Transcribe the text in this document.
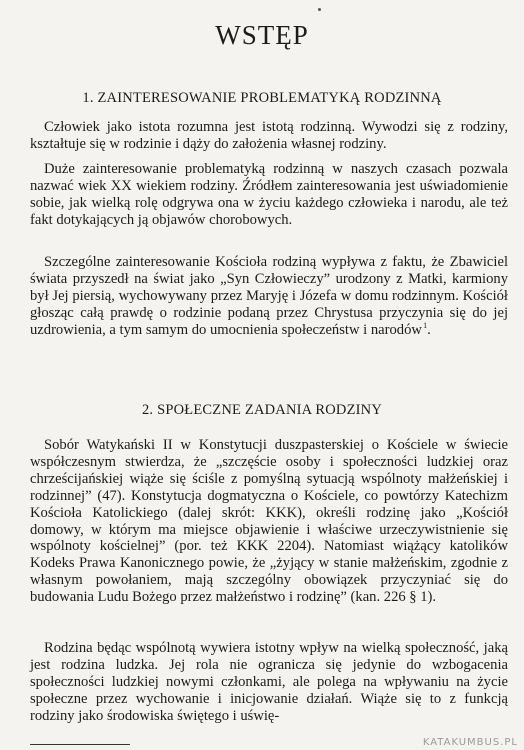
WSTĘP
1. ZAINTERESOWANIE PROBLEMATYKĄ RODZINNĄ

Człowiek jako istota rozumna jest istotą rodzinną. Wywodzi się z rodziny, kształtuje się w rodzinie i dąży do założenia własnej rodziny.

Duże zainteresowanie problematyką rodzinną w naszych czasach pozwala nazwać wiek XX wiekiem rodziny. Źródłem zainteresowania jest uświadomienie sobie, jak wielką rolę odgrywa ona w życiu każdego człowieka i narodu, ale też fakt dotykających ją objawów chorobowych.

Szczególne zainteresowanie Kościoła rodziną wypływa z faktu, że Zbawiciel świata przyszedł na świat jako „Syn Człowieczy” urodzony z Matki, karmiony był Jej piersią, wychowywany przez Maryję i Józefa w domu rodzinnym. Kościół głosząc całą prawdę o rodzinie podaną przez Chrystusa przyczynia się do jej uzdrowienia, a tym samym do umocnienia społeczeństw i narodów $^1$.

2. SPOŁECZNE ZADANIA RODZINY

Sobór Watykański II w Konstytucji duszpasterskiej o Kościele w świecie współczesnym stwierdza, że „szczęście osoby i społeczności ludzkiej oraz chrześcijańskiej wiąże się ściśle z pomyślną sytuacją wspólnoty małżeńskiej i rodzinnej” (47). Konstytucja dogmatyczna o Kościele, co powtórzy Katechizm Kościoła Katolickiego (dalej skrót: KKK), określi rodzinę jako „Kościół domowy, w którym ma miejsce objawienie i właściwe urzeczywistnienie się wspólnoty kościelnej” (por. też KKK 2204). Natomiast wiążący katolików Kodeks Prawa Kanonicznego powie, że „żyjący w stanie małżeńskim, zgodnie z własnym powołaniem, mają szczególny obowiązek przyczyniać się do budowania Ludu Bożego przez małżeństwo i rodzinę” (kan. 226 § 1).

Rodzina będąc wspólnotą wywiera istotny wpływ na wielką społeczność, jaką jest rodzina ludzka. Jej rola nie ogranicza się jedynie do wzbogacenia społeczności ludzkiej nowymi członkami, ale polega na wpływaniu na życie społeczne przez wychowanie i inicjowanie działań. Wiąże się to z funkcją rodziny jako środowiska świętego i uświę-

KATAKUMBUS.PL
